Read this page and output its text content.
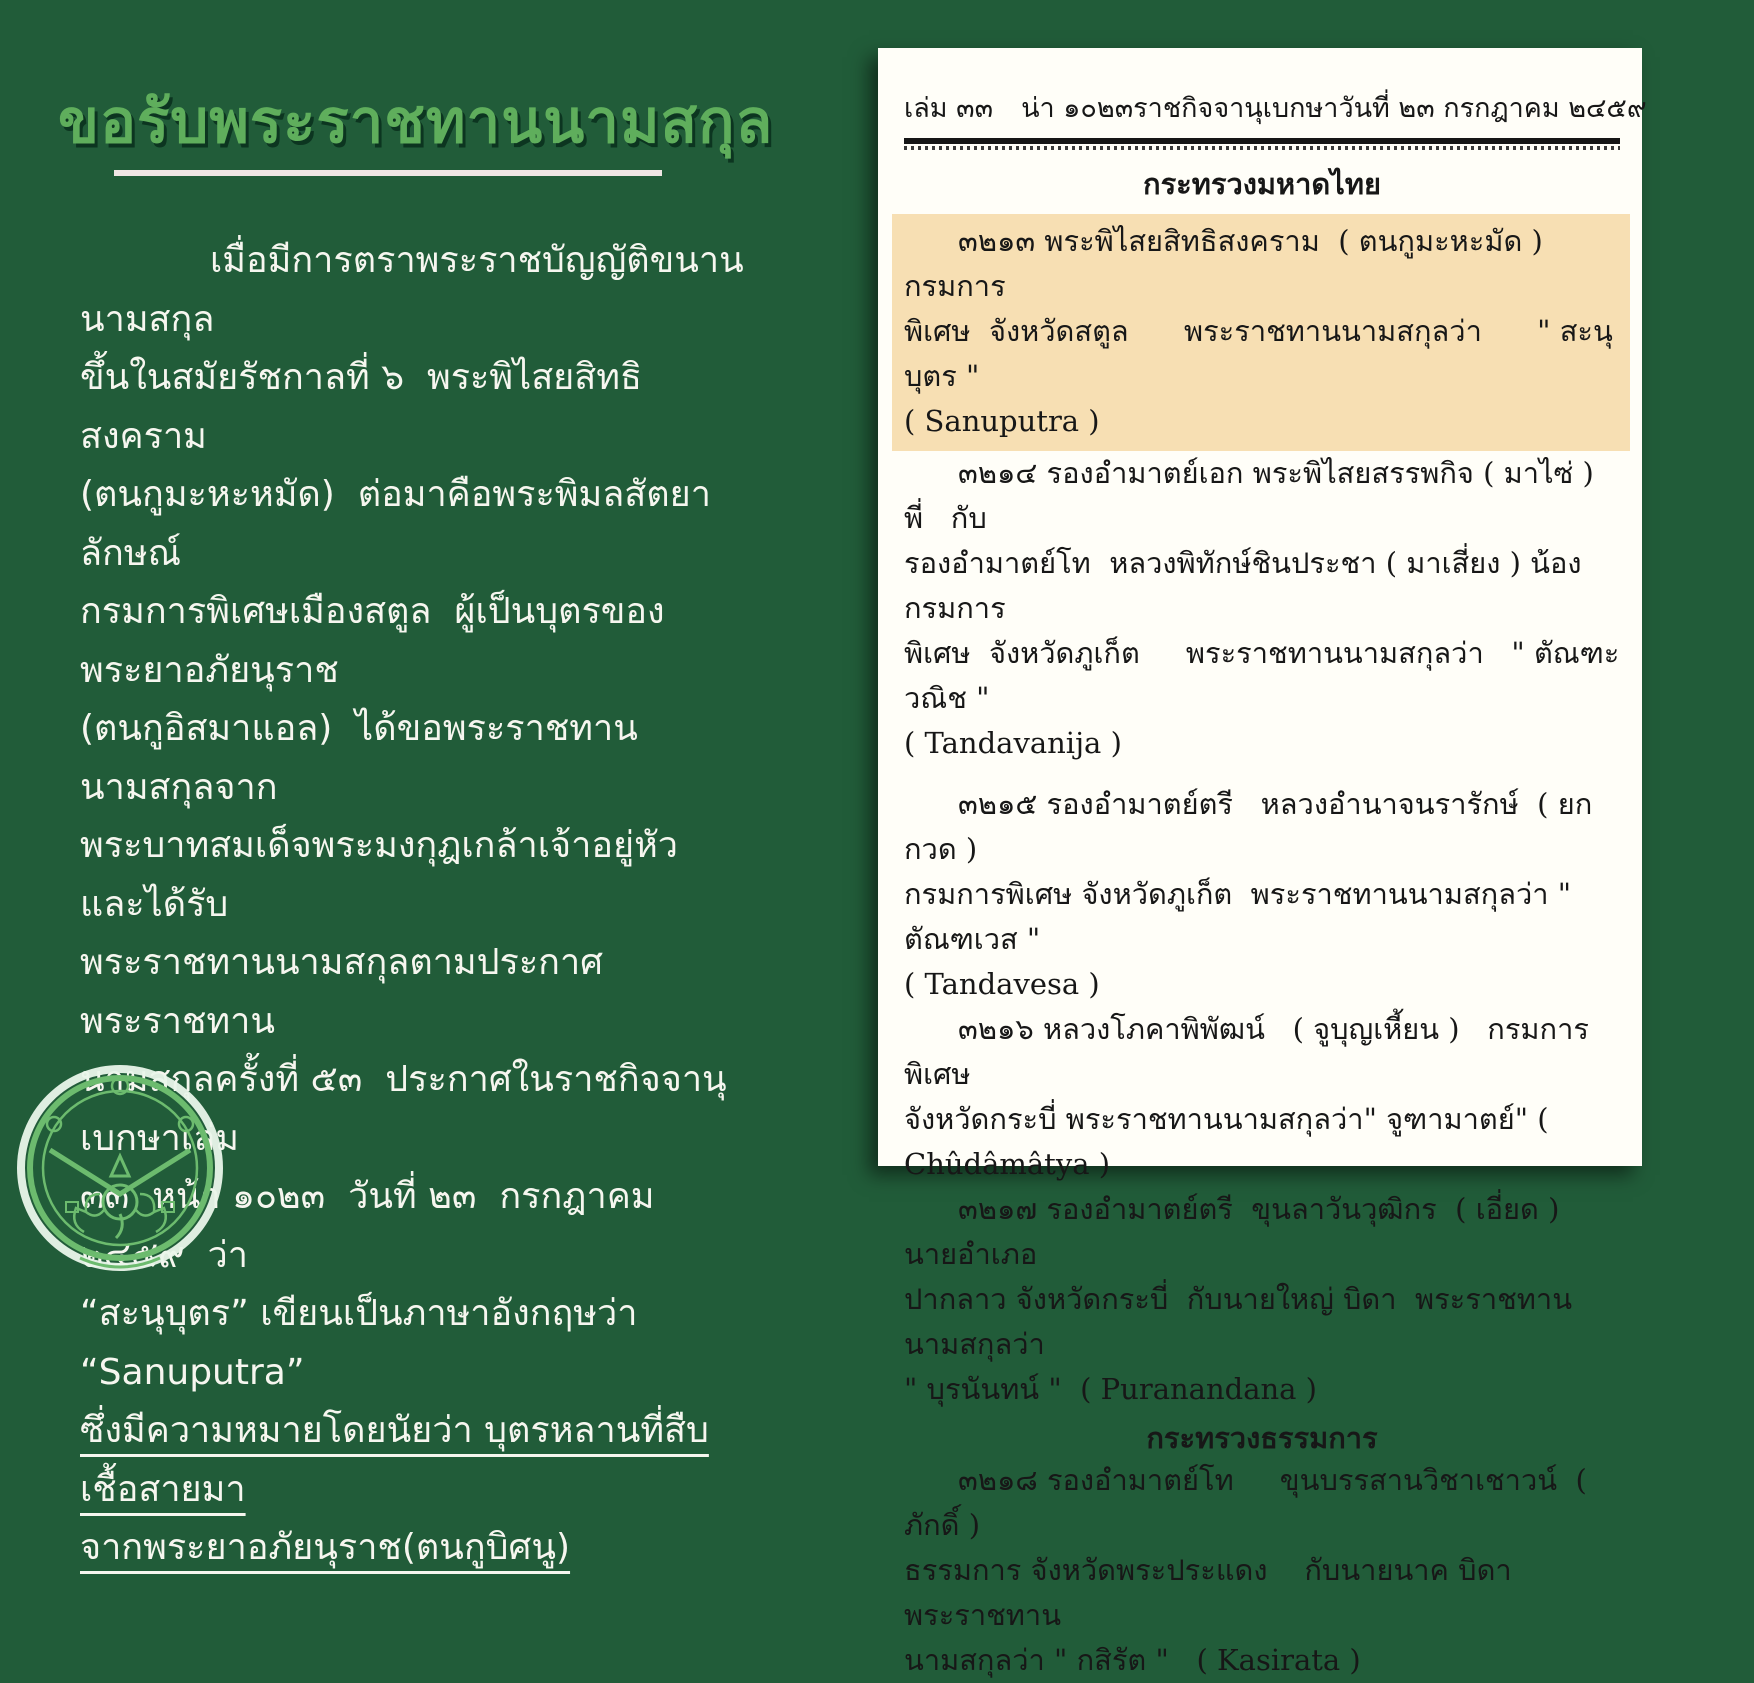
ขอรับพระราชทานนามสกุล
เมื่อมีการตราพระราชบัญญัติขนานนามสกุล
ขึ้นในสมัยรัชกาลที่ ๖  พระพิไสยสิทธิสงคราม
(ตนกูมะหะหมัด)  ต่อมาคือพระพิมลสัตยาลักษณ์
กรมการพิเศษเมืองสตูล  ผู้เป็นบุตรของพระยาอภัยนุราช
(ตนกูอิสมาแอล)  ได้ขอพระราชทานนามสกุลจาก
พระบาทสมเด็จพระมงกุฎเกล้าเจ้าอยู่หัว  และได้รับ
พระราชทานนามสกุลตามประกาศพระราชทาน
นามสกุลครั้งที่ ๕๓  ประกาศในราชกิจจานุเบกษาเล่ม
๓๓  หน้า ๑๐๒๓  วันที่ ๒๓  กรกฎาคม ๒๔๕๙  ว่า
“สะนุบุตร” เขียนเป็นภาษาอังกฤษว่า “Sanuputra”
ซึ่งมีความหมายโดยนัยว่า บุตรหลานที่สืบเชื้อสายมา
จากพระยาอภัยนุราช(ตนกูบิศนู)
เล่ม ๓๓ น่า ๑๐๒๓ ราชกิจจานุเบกษา วันที่ ๒๓ กรกฎาคม ๒๔๕๙
กระทรวงมหาดไทย
๓๒๑๓ พระพิไสยสิทธิสงคราม  ( ตนกูมะหะมัด )   กรมการ
พิเศษ  จังหวัดสตูล      พระราชทานนามสกุลว่า      " สะนุบุตร "
( Sanuputra )
๓๒๑๔ รองอำมาตย์เอก พระพิไสยสรรพกิจ ( มาไซ่ ) พี่   กับ
รองอำมาตย์โท  หลวงพิทักษ์ชินประชา ( มาเสี่ยง ) น้อง กรมการ
พิเศษ  จังหวัดภูเก็ต     พระราชทานนามสกุลว่า   " ตัณฑะวณิช "
( Tandavanija )
๓๒๑๕ รองอำมาตย์ตรี   หลวงอำนาจนรารักษ์  ( ยกกวด )
กรมการพิเศษ จังหวัดภูเก็ต  พระราชทานนามสกุลว่า " ตัณฑเวส "
( Tandavesa )
๓๒๑๖ หลวงโภคาพิพัฒน์   ( จูบุญเหี้ยน )   กรมการพิเศษ
จังหวัดกระบี่ พระราชทานนามสกุลว่า" จูฑามาตย์" ( Chûdâmâtya )
๓๒๑๗ รองอำมาตย์ตรี  ขุนลาวันวุฒิกร  ( เอี่ยด )  นายอำเภอ
ปากลาว จังหวัดกระบี่  กับนายใหญ่ บิดา  พระราชทานนามสกุลว่า
" บุรนันทน์ "  ( Puranandana )
กระทรวงธรรมการ
๓๒๑๘ รองอำมาตย์โท     ขุนบรรสานวิชาเชาวน์  ( ภักดิ์ )
ธรรมการ จังหวัดพระประแดง    กับนายนาค บิดา   พระราชทาน
นามสกุลว่า " กสิรัต "   ( Kasirata )
